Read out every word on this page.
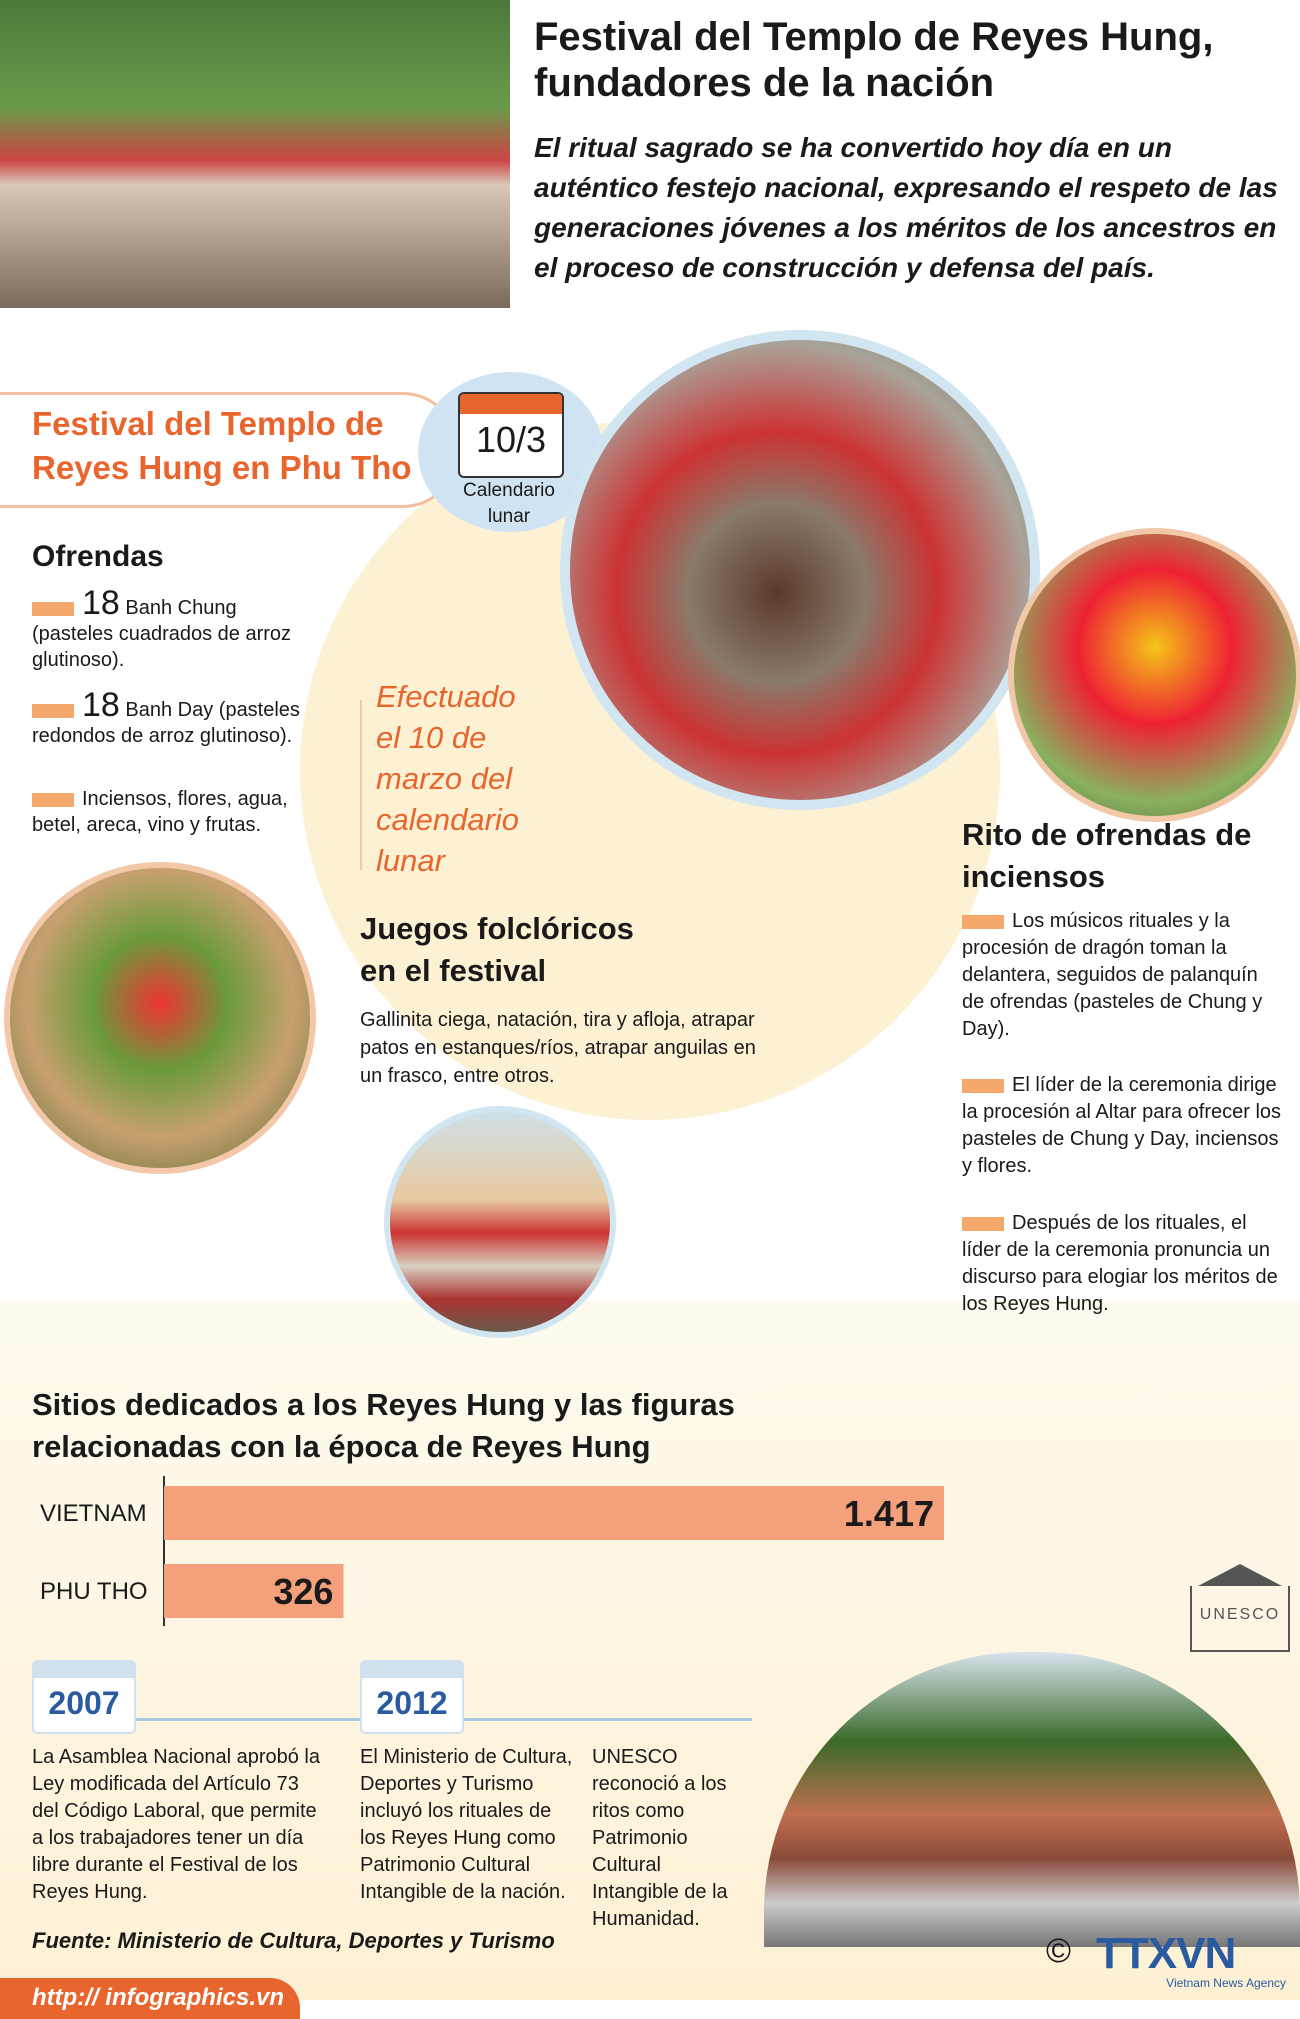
Festival del Templo de Reyes Hung,
fundadores de la nación
El ritual sagrado se ha convertido hoy día en un auténtico festejo nacional, expresando el respeto de las generaciones jóvenes a los méritos de los ancestros en el proceso de construcción y defensa del país.
Festival del Templo de
Reyes Hung en Phu Tho
10/3
Calendario lunar
Ofrendas
18 Banh Chung
(pasteles cuadrados de arroz glutinoso).
18 Banh Day (pasteles
redondos de arroz glutinoso).
Inciensos, flores, agua,
betel, areca, vino y frutas.
Efectuado el 10 de marzo del calendario lunar
Juegos folclóricos
en el festival
Gallinita ciega, natación, tira y afloja, atrapar patos en estanques/ríos, atrapar anguilas en un frasco, entre otros.
Rito de ofrendas de
inciensos
Los músicos rituales y la procesión de dragón toman la delantera, seguidos de palanquín de ofrendas (pasteles de Chung y Day).
El líder de la ceremonia dirige la procesión al Altar para ofrecer los pasteles de Chung y Day, inciensos y flores.
Después de los rituales, el líder de la ceremonia pronuncia un discurso para elogiar los méritos de los Reyes Hung.
Sitios dedicados a los Reyes Hung y las figuras relacionadas con la época de Reyes Hung
VIETNAM	1.417
PHU THO	326
2007	2012
La Asamblea Nacional aprobó la Ley modificada del Artículo 73 del Código Laboral, que permite a los trabajadores tener un día libre durante el Festival de los Reyes Hung.
El Ministerio de Cultura, Deportes y Turismo incluyó los rituales de los Reyes Hung como Patrimonio Cultural Intangible de la nación.
UNESCO reconoció a los ritos como Patrimonio Cultural Intangible de la Humanidad.
UNESCO
Fuente: Ministerio de Cultura, Deportes y Turismo
http:// infographics.vn
© TTXVN
Vietnam News Agency
